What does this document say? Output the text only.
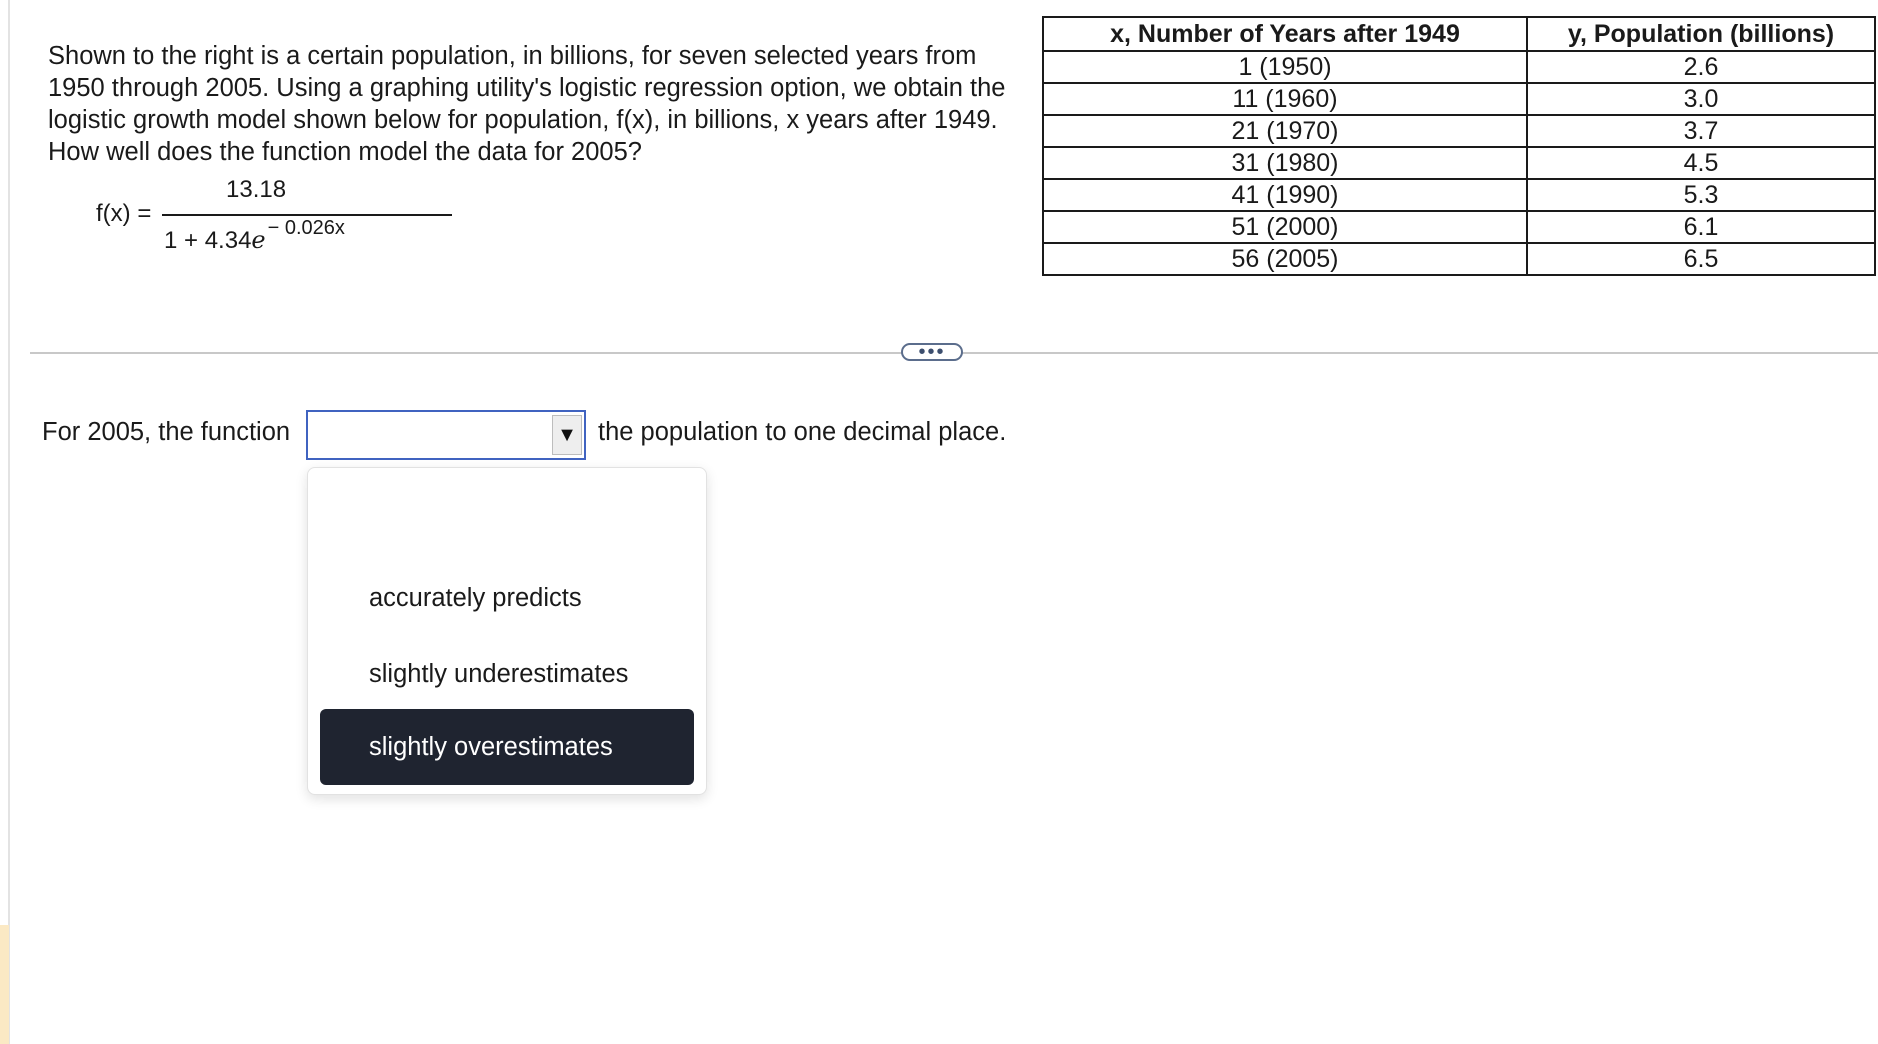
Shown to the right is a certain population, in billions, for seven selected years from 1950 through 2005. Using a graphing utility's logistic regression option, we obtain the logistic growth model shown below for population, f(x), in billions, x years after 1949. How well does the function model the data for 2005?
f(x) =
13.18
1 + 4.34e $^{- 0.026x}$
x, Number of Years after 1949	y, Population (billions)
1 (1950)	2.6
11 (1960)	3.0
21 (1970)	3.7
31 (1980)	4.5
41 (1990)	5.3
51 (2000)	6.1
56 (2005)	6.5
•••
For 2005, the function	▼ the population to one decimal place.
accurately predicts
slightly underestimates
slightly overestimates
